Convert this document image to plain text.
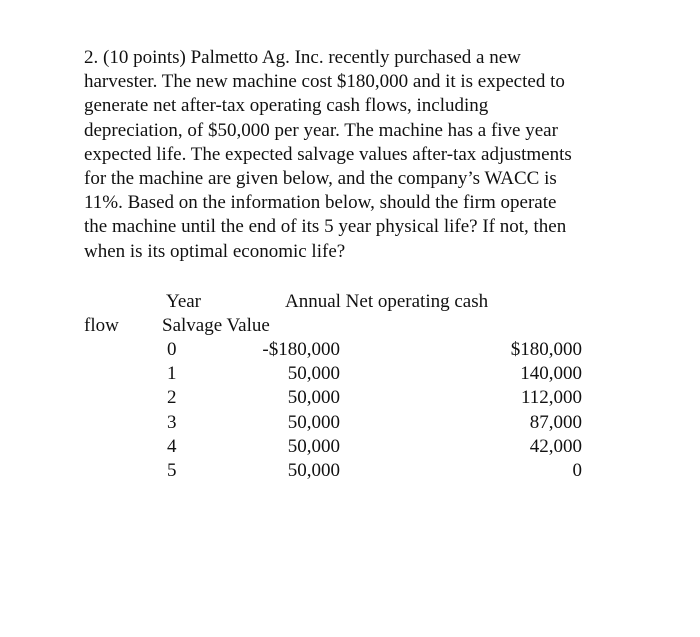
2. (10 points) Palmetto Ag. Inc. recently purchased a new
harvester. The new machine cost $180,000 and it is expected to
generate net after-tax operating cash flows, including
depreciation, of $50,000 per year. The machine has a five year
expected life. The expected salvage values after-tax adjustments
for the machine are given below, and the company’s WACC is
11%. Based on the information below, should the firm operate
the machine until the end of its 5 year physical life? If not, then
when is its optimal economic life?
Year	Annual Net operating cash
flow Salvage Value
0
1
2
3
4
5
-$180,000
50,000
50,000
50,000
50,000
50,000
$180,000
140,000
112,000
87,000
42,000
0
